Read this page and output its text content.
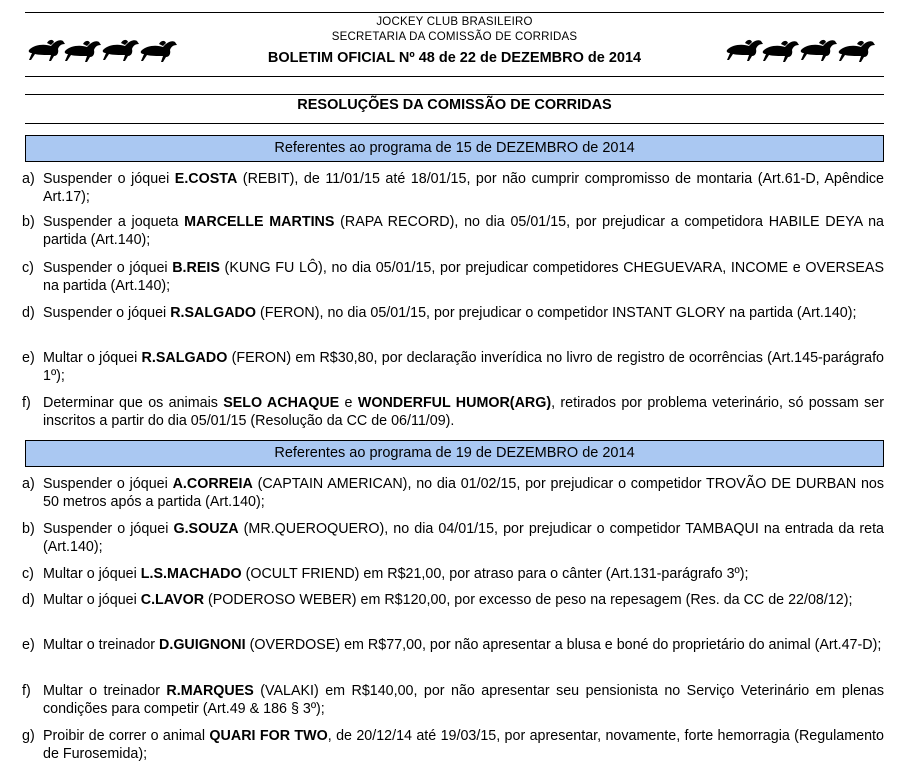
JOCKEY CLUB BRASILEIRO
SECRETARIA DA COMISSÃO DE CORRIDAS
BOLETIM OFICIAL Nº 48 de 22 de DEZEMBRO de 2014
RESOLUÇÕES DA COMISSÃO DE CORRIDAS
Referentes ao programa de 15 de DEZEMBRO de 2014
a) Suspender o jóquei E.COSTA (REBIT), de 11/01/15 até 18/01/15, por não cumprir compromisso de montaria (Art.61-D, Apêndice Art.17);
b) Suspender a joqueta MARCELLE MARTINS (RAPA RECORD), no dia 05/01/15, por prejudicar a competidora HABILE DEYA na partida (Art.140);
c) Suspender o jóquei B.REIS (KUNG FU LÔ), no dia 05/01/15, por prejudicar competidores CHEGUEVARA, INCOME e OVERSEAS na partida (Art.140);
d) Suspender o jóquei R.SALGADO (FERON), no dia 05/01/15, por prejudicar o competidor INSTANT GLORY na partida (Art.140);
e) Multar o jóquei R.SALGADO (FERON) em R$30,80, por declaração inverídica no livro de registro de ocorrências (Art.145-parágrafo 1º);
f) Determinar que os animais SELO ACHAQUE e WONDERFUL HUMOR(ARG), retirados por problema veterinário, só possam ser inscritos a partir do dia 05/01/15 (Resolução da CC de 06/11/09).
Referentes ao programa de 19 de DEZEMBRO de 2014
a) Suspender o jóquei A.CORREIA (CAPTAIN AMERICAN), no dia 01/02/15, por prejudicar o competidor TROVÃO DE DURBAN nos 50 metros após a partida (Art.140);
b) Suspender o jóquei G.SOUZA (MR.QUEROQUERO), no dia 04/01/15, por prejudicar o competidor TAMBAQUI na entrada da reta (Art.140);
c) Multar o jóquei L.S.MACHADO (OCULT FRIEND) em R$21,00, por atraso para o cânter (Art.131-parágrafo 3º);
d) Multar o jóquei C.LAVOR (PODEROSO WEBER) em R$120,00, por excesso de peso na repesagem (Res. da CC de 22/08/12);
e) Multar o treinador D.GUIGNONI (OVERDOSE) em R$77,00, por não apresentar a blusa e boné do proprietário do animal (Art.47-D);
f) Multar o treinador R.MARQUES (VALAKI) em R$140,00, por não apresentar seu pensionista no Serviço Veterinário em plenas condições para competir (Art.49 & 186 § 3º);
g) Proibir de correr o animal QUARI FOR TWO, de 20/12/14 até 19/03/15, por apresentar, novamente, forte hemorragia (Regulamento de Furosemida);
